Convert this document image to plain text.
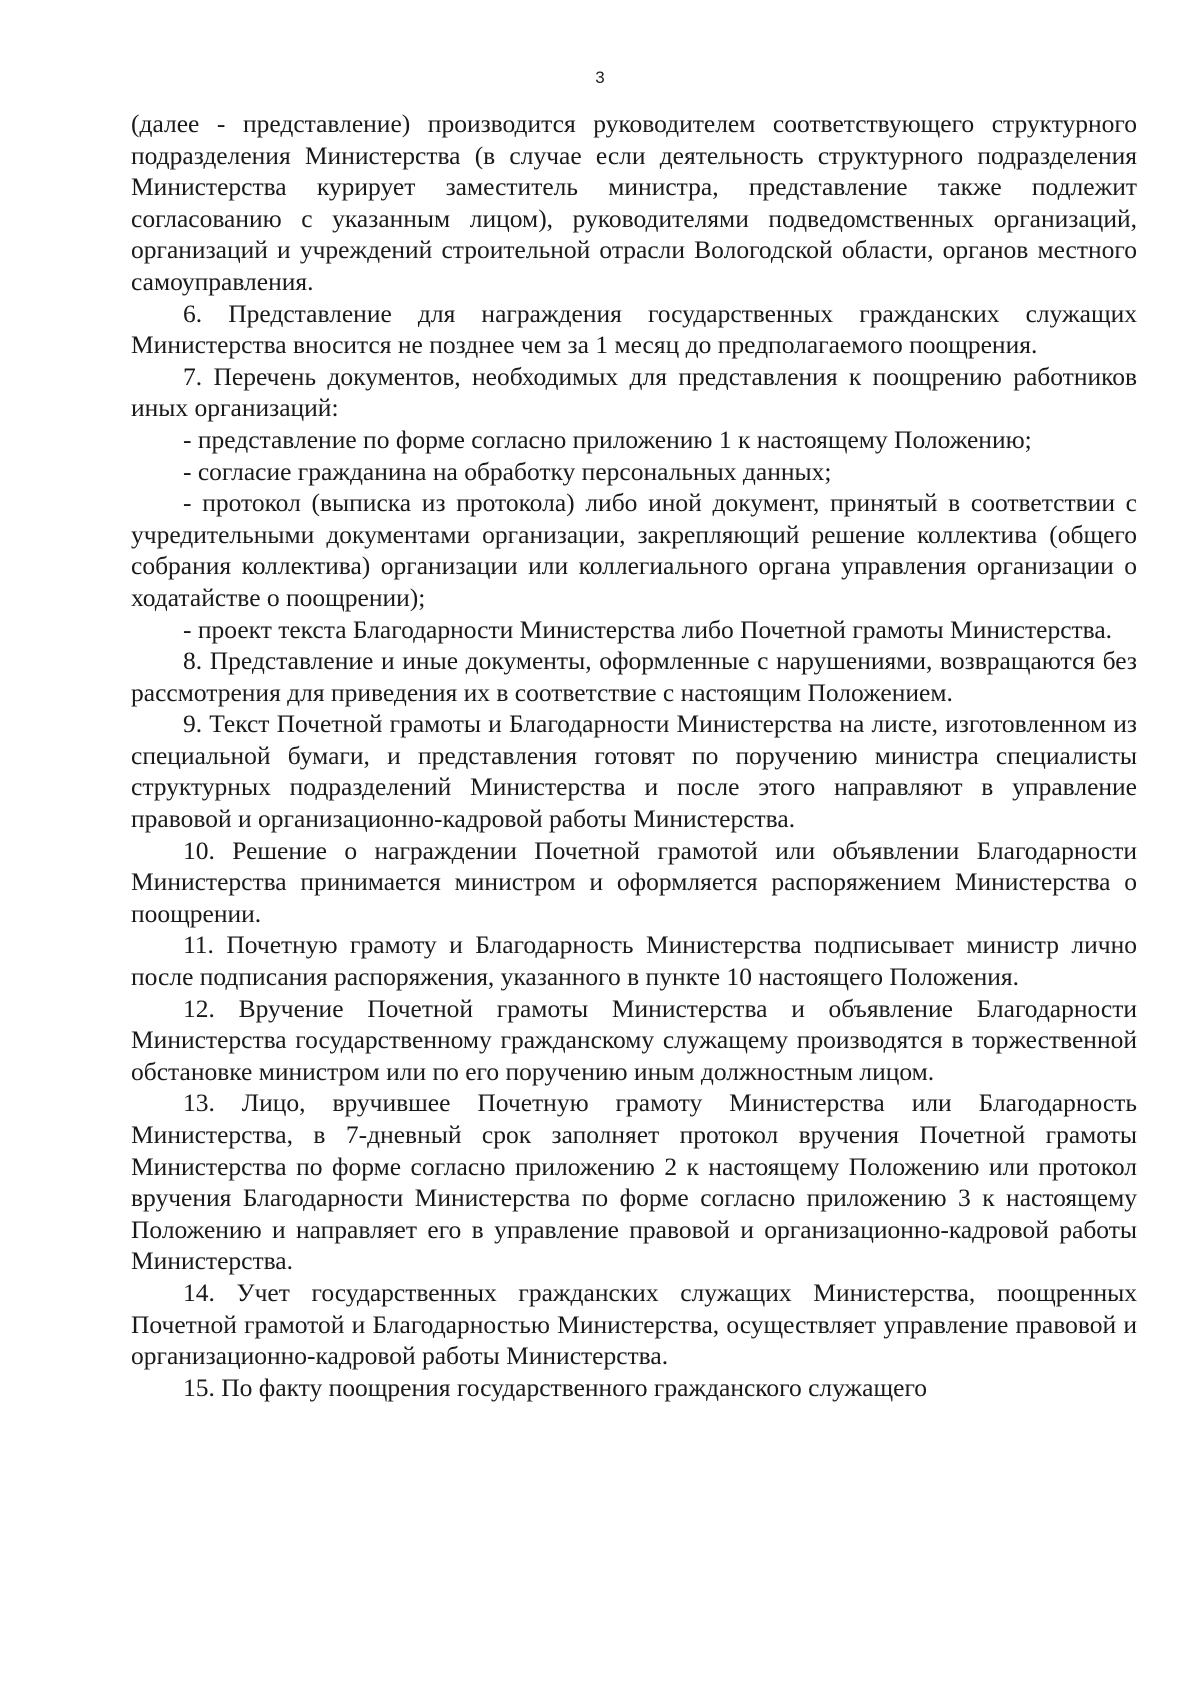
3

(далее - представление) производится руководителем соответствующего структурного подразделения Министерства (в случае если деятельность структурного подразделения Министерства курирует заместитель министра, представление также подлежит согласованию с указанным лицом), руководителями подведомственных организаций, организаций и учреждений строительной отрасли Вологодской области, органов местного самоуправления.

6. Представление для награждения государственных гражданских служащих Министерства вносится не позднее чем за 1 месяц до предполагаемого поощрения.

7. Перечень документов, необходимых для представления к поощрению работников иных организаций:

- представление по форме согласно приложению 1 к настоящему Положению;

- согласие гражданина на обработку персональных данных;

- протокол (выписка из протокола) либо иной документ, принятый в соответствии с учредительными документами организации, закрепляющий решение коллектива (общего собрания коллектива) организации или коллегиального органа управления организации о ходатайстве о поощрении);

- проект текста Благодарности Министерства либо Почетной грамоты Министерства.

8. Представление и иные документы, оформленные с нарушениями, возвращаются без рассмотрения для приведения их в соответствие с настоящим Положением.

9. Текст Почетной грамоты и Благодарности Министерства на листе, изготовленном из специальной бумаги, и представления готовят по поручению министра специалисты структурных подразделений Министерства и после этого направляют в управление правовой и организационно-кадровой работы Министерства.

10. Решение о награждении Почетной грамотой или объявлении Благодарности Министерства принимается министром и оформляется распоряжением Министерства о поощрении.

11. Почетную грамоту и Благодарность Министерства подписывает министр лично после подписания распоряжения, указанного в пункте 10 настоящего Положения.

12. Вручение Почетной грамоты Министерства и объявление Благодарности Министерства государственному гражданскому служащему производятся в торжественной обстановке министром или по его поручению иным должностным лицом.

13. Лицо, вручившее Почетную грамоту Министерства или Благодарность Министерства, в 7-дневный срок заполняет протокол вручения Почетной грамоты Министерства по форме согласно приложению 2 к настоящему Положению или протокол вручения Благодарности Министерства по форме согласно приложению 3 к настоящему Положению и направляет его в управление правовой и организационно-кадровой работы Министерства.

14. Учет государственных гражданских служащих Министерства, поощренных Почетной грамотой и Благодарностью Министерства, осуществляет управление правовой и организационно-кадровой работы Министерства.

15. По факту поощрения государственного гражданского служащего
